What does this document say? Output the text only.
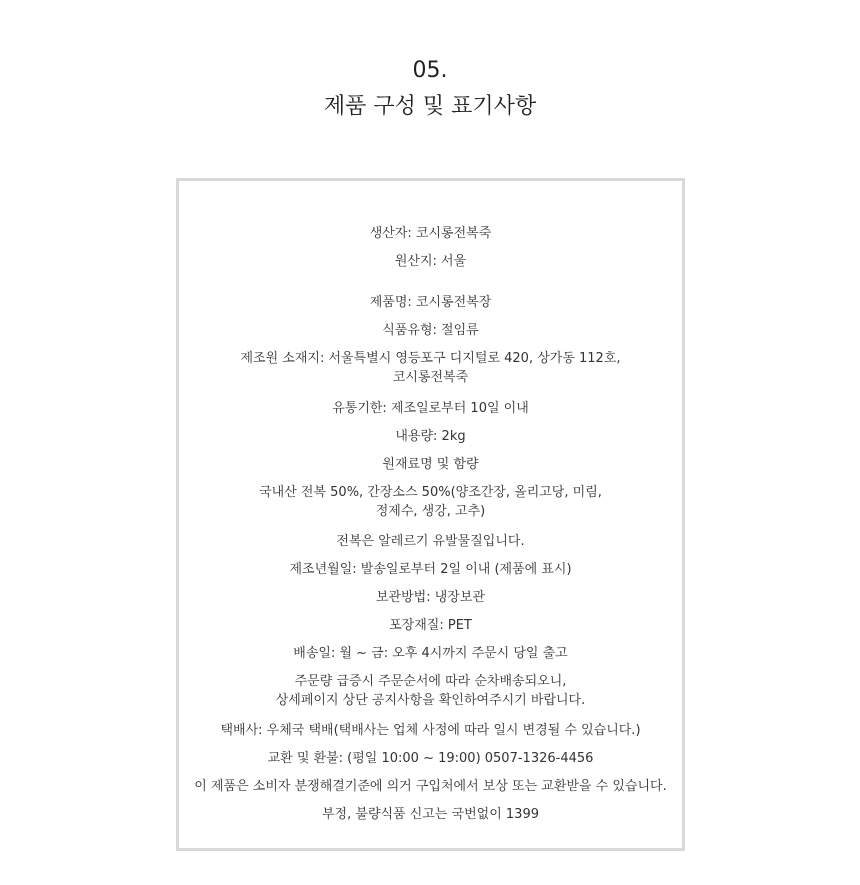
05.
제품 구성 및 표기사항
생산자: 코시롱전복죽
원산지: 서울
제품명: 코시롱전복장
식품유형: 절임류
제조원 소재지: 서울특별시 영등포구 디지털로 420, 상가동 112호,
코시롱전복죽
유통기한: 제조일로부터 10일 이내
내용량: 2kg
원재료명 및 함량
국내산 전복 50%, 간장소스 50%(양조간장, 올리고당, 미림,
정제수, 생강, 고추)
전복은 알레르기 유발물질입니다.
제조년월일: 발송일로부터 2일 이내 (제품에 표시)
보관방법: 냉장보관
포장재질: PET
배송일: 월 ~ 금: 오후 4시까지 주문시 당일 출고
주문량 급증시 주문순서에 따라 순차배송되오니,
상세페이지 상단 공지사항을 확인하여주시기 바랍니다.
택배사: 우체국 택배(택배사는 업체 사정에 따라 일시 변경될 수 있습니다.)
교환 및 환불: (평일 10:00 ~ 19:00) 0507-1326-4456
이 제품은 소비자 분쟁해결기준에 의거 구입처에서 보상 또는 교환받을 수 있습니다.
부정, 불량식품 신고는 국번없이 1399
